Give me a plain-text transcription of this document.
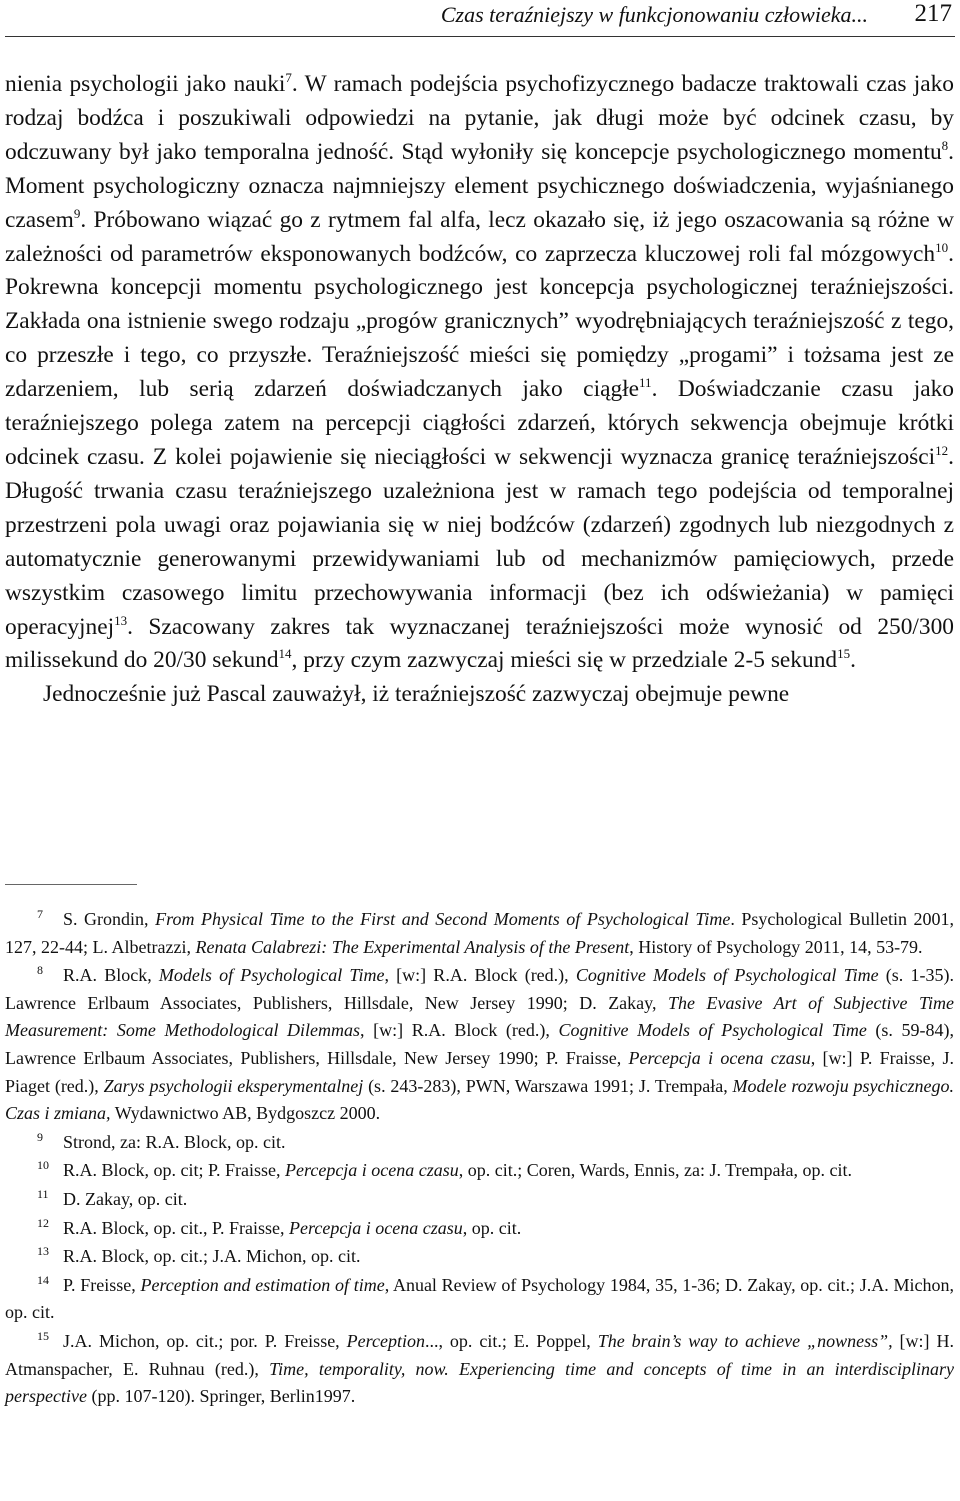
Czas teraźniejszy w funkcjonowaniu człowieka... 217

nienia psychologii jako nauki$^7$. W ramach podejścia psychofizycznego badacze traktowali czas jako rodzaj bodźca i poszukiwali odpowiedzi na pytanie, jak długi może być odcinek czasu, by odczuwany był jako temporalna jedność. Stąd wyłoniły się koncepcje psychologicznego momentu$^8$. Moment psychologiczny oznacza najmniejszy element psychicznego doświadczenia, wyjaśnianego czasem$^9$. Próbowano wiązać go z rytmem fal alfa, lecz okazało się, iż jego oszacowania są różne w zależności od parametrów eksponowanych bodźców, co zaprzecza kluczowej roli fal mózgowych$^{10}$. Pokrewna koncepcji momentu psychologicznego jest koncepcja psychologicznej teraźniejszości. Zakłada ona istnienie swego rodzaju „progów granicznych” wyodrębniających teraźniejszość z tego, co przeszłe i tego, co przyszłe. Teraźniejszość mieści się pomiędzy „progami” i tożsama jest ze zdarzeniem, lub serią zdarzeń doświadczanych jako ciągłe$^{11}$. Doświadczanie czasu jako teraźniejszego polega zatem na percepcji ciągłości zdarzeń, których sekwencja obejmuje krótki odcinek czasu. Z kolei pojawienie się nieciągłości w sekwencji wyznacza granicę teraźniejszości$^{12}$. Długość trwania czasu teraźniejszego uzależniona jest w ramach tego podejścia od temporalnej przestrzeni pola uwagi oraz pojawiania się w niej bodźców (zdarzeń) zgodnych lub niezgodnych z automatycznie generowanymi przewidywaniami lub od mechanizmów pamięciowych, przede wszystkim czasowego limitu przechowywania informacji (bez ich odświeżania) w pamięci operacyjnej$^{13}$. Szacowany zakres tak wyznaczanej teraźniejszości może wynosić od 250/300 milissekund do 20/30 sekund$^{14}$, przy czym zazwyczaj mieści się w przedziale 2-5 sekund$^{15}$.

Jednocześnie już Pascal zauważył, iż teraźniejszość zazwyczaj obejmuje pewne

7 S. Grondin, From Physical Time to the First and Second Moments of Psychological Time. Psychological Bulletin 2001, 127, 22-44; L. Albetrazzi, Renata Calabrezi: The Experimental Analysis of the Present, History of Psychology 2011, 14, 53-79.

8 R.A. Block, Models of Psychological Time, [w:] R.A. Block (red.), Cognitive Models of Psychological Time (s. 1-35). Lawrence Erlbaum Associates, Publishers, Hillsdale, New Jersey 1990; D. Zakay, The Evasive Art of Subjective Time Measurement: Some Methodological Dilemmas, [w:] R.A. Block (red.), Cognitive Models of Psychological Time (s. 59-84), Lawrence Erlbaum Associates, Publishers, Hillsdale, New Jersey 1990; P. Fraisse, Percepcja i ocena czasu, [w:] P. Fraisse, J. Piaget (red.), Zarys psychologii eksperymentalnej (s. 243-283), PWN, Warszawa 1991; J. Trempała, Modele rozwoju psychicznego. Czas i zmiana, Wydawnictwo AB, Bydgoszcz 2000.

9 Strond, za: R.A. Block, op. cit.

10 R.A. Block, op. cit; P. Fraisse, Percepcja i ocena czasu, op. cit.; Coren, Wards, Ennis, za: J. Trempała, op. cit.

11 D. Zakay, op. cit.

12 R.A. Block, op. cit., P. Fraisse, Percepcja i ocena czasu, op. cit.

13 R.A. Block, op. cit.; J.A. Michon, op. cit.

14 P. Freisse, Perception and estimation of time, Anual Review of Psychology 1984, 35, 1-36; D. Zakay, op. cit.; J.A. Michon, op. cit.

15 J.A. Michon, op. cit.; por. P. Freisse, Perception..., op. cit.; E. Poppel, The brain’s way to achieve „nowness”, [w:] H. Atmanspacher, E. Ruhnau (red.), Time, temporality, now. Experiencing time and concepts of time in an interdisciplinary perspective (pp. 107-120). Springer, Berlin1997.
